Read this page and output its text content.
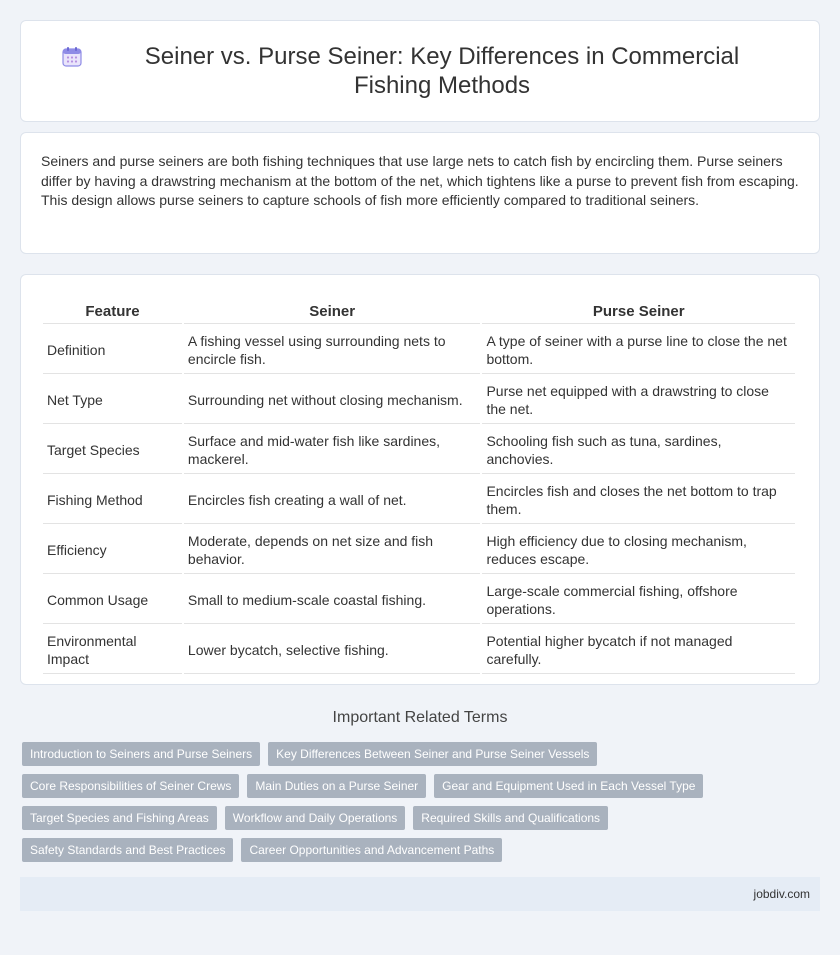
Seiner vs. Purse Seiner: Key Differences in Commercial Fishing Methods

Seiners and purse seiners are both fishing techniques that use large nets to catch fish by encircling them. Purse seiners differ by having a drawstring mechanism at the bottom of the net, which tightens like a purse to prevent fish from escaping. This design allows purse seiners to capture schools of fish more efficiently compared to traditional seiners.

Feature	Seiner	Purse Seiner
Definition	A fishing vessel using surrounding nets to encircle fish.	A type of seiner with a purse line to close the net bottom.
Net Type	Surrounding net without closing mechanism.	Purse net equipped with a drawstring to close the net.
Target Species	Surface and mid-water fish like sardines, mackerel.	Schooling fish such as tuna, sardines, anchovies.
Fishing Method	Encircles fish creating a wall of net.	Encircles fish and closes the net bottom to trap them.
Efficiency	Moderate, depends on net size and fish behavior.	High efficiency due to closing mechanism, reduces escape.
Common Usage	Small to medium-scale coastal fishing.	Large-scale commercial fishing, offshore operations.
Environmental Impact	Lower bycatch, selective fishing.	Potential higher bycatch if not managed carefully.
Important Related Terms
Introduction to Seiners and Purse Seiners	Key Differences Between Seiner and Purse Seiner Vessels
Core Responsibilities of Seiner Crews	Main Duties on a Purse Seiner	Gear and Equipment Used in Each Vessel Type
Target Species and Fishing Areas	Workflow and Daily Operations	Required Skills and Qualifications
Safety Standards and Best Practices	Career Opportunities and Advancement Paths
jobdiv.com
